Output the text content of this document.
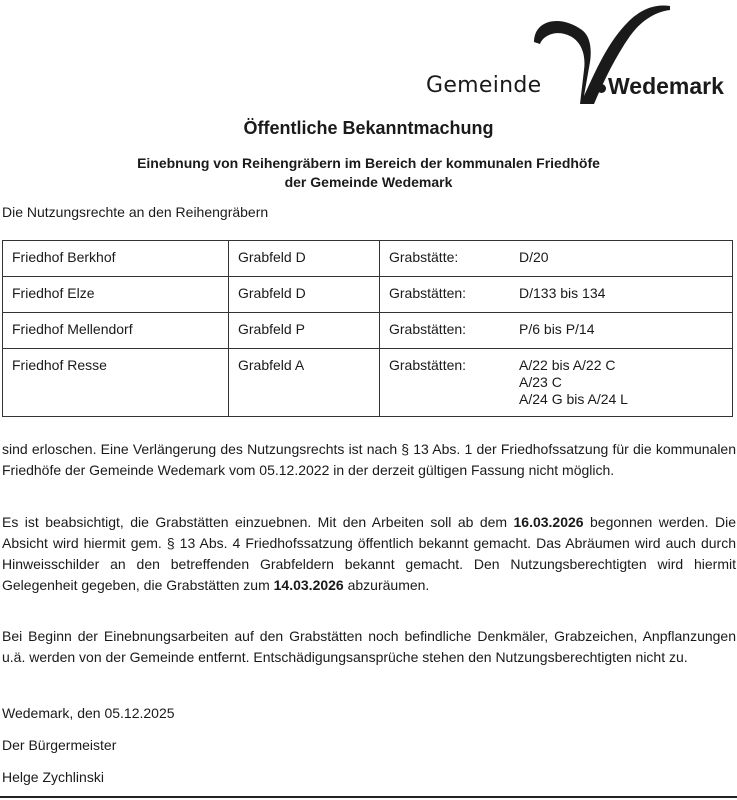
Gemeinde	Wedemark
Öffentliche Bekanntmachung
Einebnung von Reihengräbern im Bereich der kommunalen Friedhöfe
der Gemeinde Wedemark
Die Nutzungsrechte an den Reihengräbern
Friedhof Berkhof	Grabfeld D	Grabstätte: D/20

Friedhof Elze	Grabfeld D	Grabstätten: D/133 bis 134

Friedhof Mellendorf	Grabfeld P	Grabstätten: P/6 bis P/14

Friedhof Resse	Grabfeld A	Grabstätten: A/22 bis A/22 C
A/23 C
A/24 G bis A/24 L

sind erloschen. Eine Verlängerung des Nutzungsrechts ist nach § 13 Abs. 1 der Friedhofssatzung für die kommunalen Friedhöfe der Gemeinde Wedemark vom 05.12.2022 in der derzeit gültigen Fassung nicht möglich.

Es ist beabsichtigt, die Grabstätten einzuebnen. Mit den Arbeiten soll ab dem 16.03.2026 begonnen werden. Die Absicht wird hiermit gem. § 13 Abs. 4 Friedhofssatzung öffentlich bekannt gemacht. Das Abräumen wird auch durch Hinweisschilder an den betreffenden Grabfeldern bekannt gemacht. Den Nutzungsberechtigten wird hiermit Gelegenheit gegeben, die Grabstätten zum 14.03.2026 abzuräumen.

Bei Beginn der Einebnungsarbeiten auf den Grabstätten noch befindliche Denkmäler, Grabzeichen, Anpflanzungen u.ä. werden von der Gemeinde entfernt. Entschädigungsansprüche stehen den Nutzungsberechtigten nicht zu.

Wedemark, den 05.12.2025
Der Bürgermeister
Helge Zychlinski
